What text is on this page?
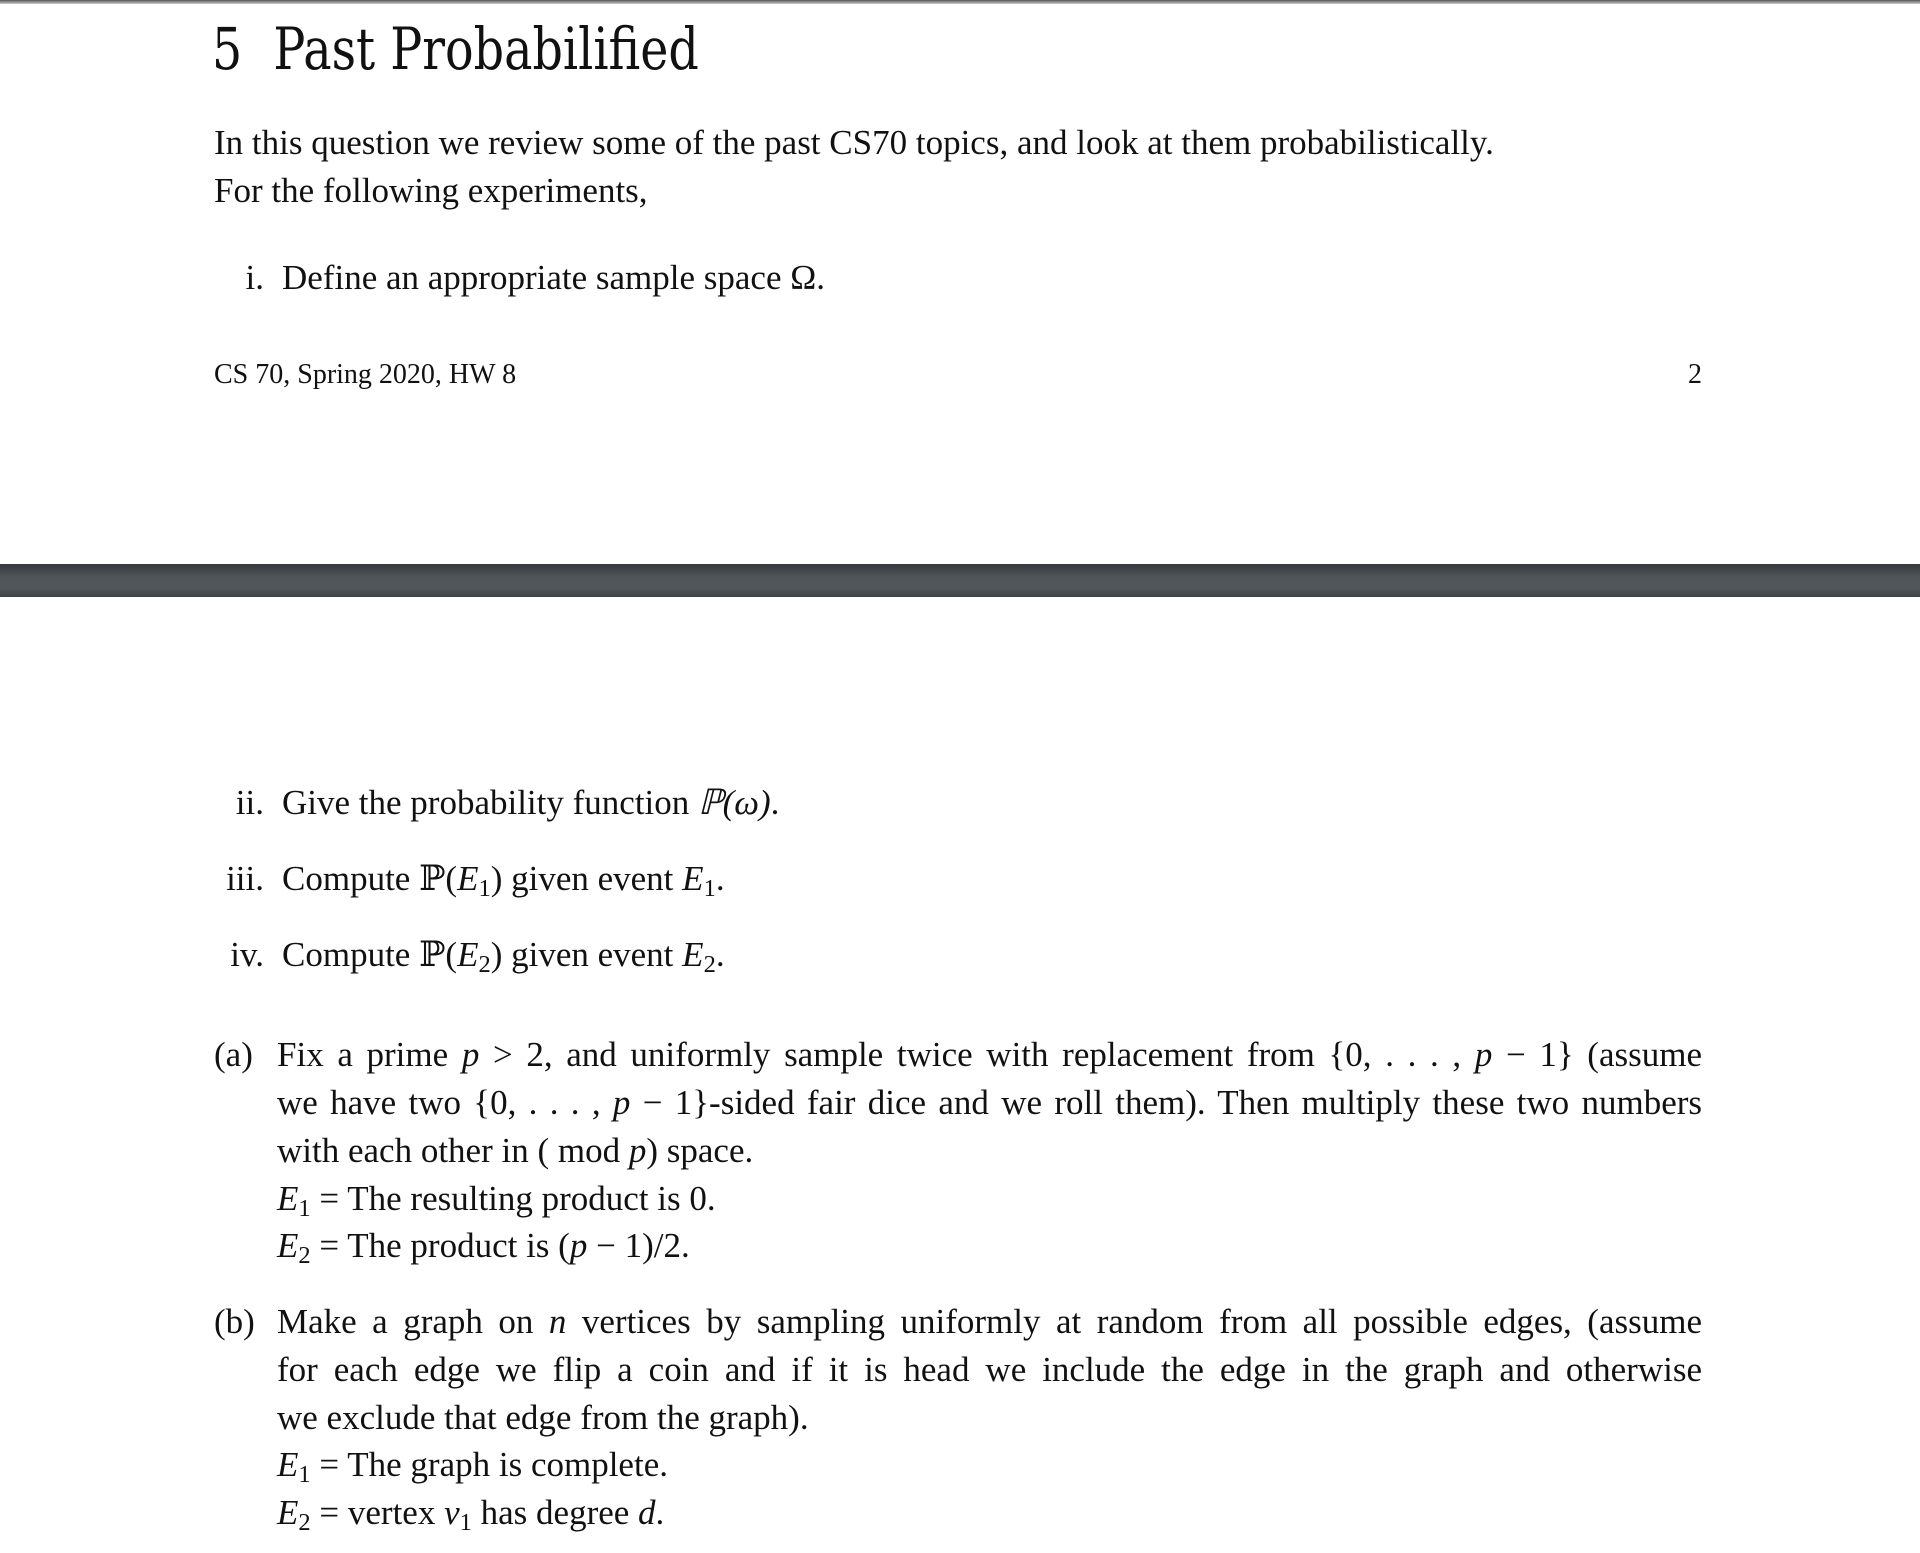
5 Past Probabilified
In this question we review some of the past CS70 topics, and look at them probabilistically.
For the following experiments,
i. Define an appropriate sample space Ω.
CS 70, Spring 2020, HW 8	2
ii. Give the probability function ℙ(ω).
iii. Compute $ℙ(E_1)$ given event $E_1$.
iv. Compute $ℙ(E_2)$ given event $E_2$.
(a) Fix a prime p > 2, and uniformly sample twice with replacement from {0, . . . , p − 1} (assume
we have two {0, . . . , p − 1}-sided fair dice and we roll them). Then multiply these two numbers
with each other in ( mod p) space.
$E_1$ = The resulting product is 0.
$E_2$ = The product is (p − 1)/2.
(b) Make a graph on n vertices by sampling uniformly at random from all possible edges, (assume
for each edge we flip a coin and if it is head we include the edge in the graph and otherwise
we exclude that edge from the graph).
$E_1$ = The graph is complete.
$E_2$ = vertex $v_1$ has degree d.
